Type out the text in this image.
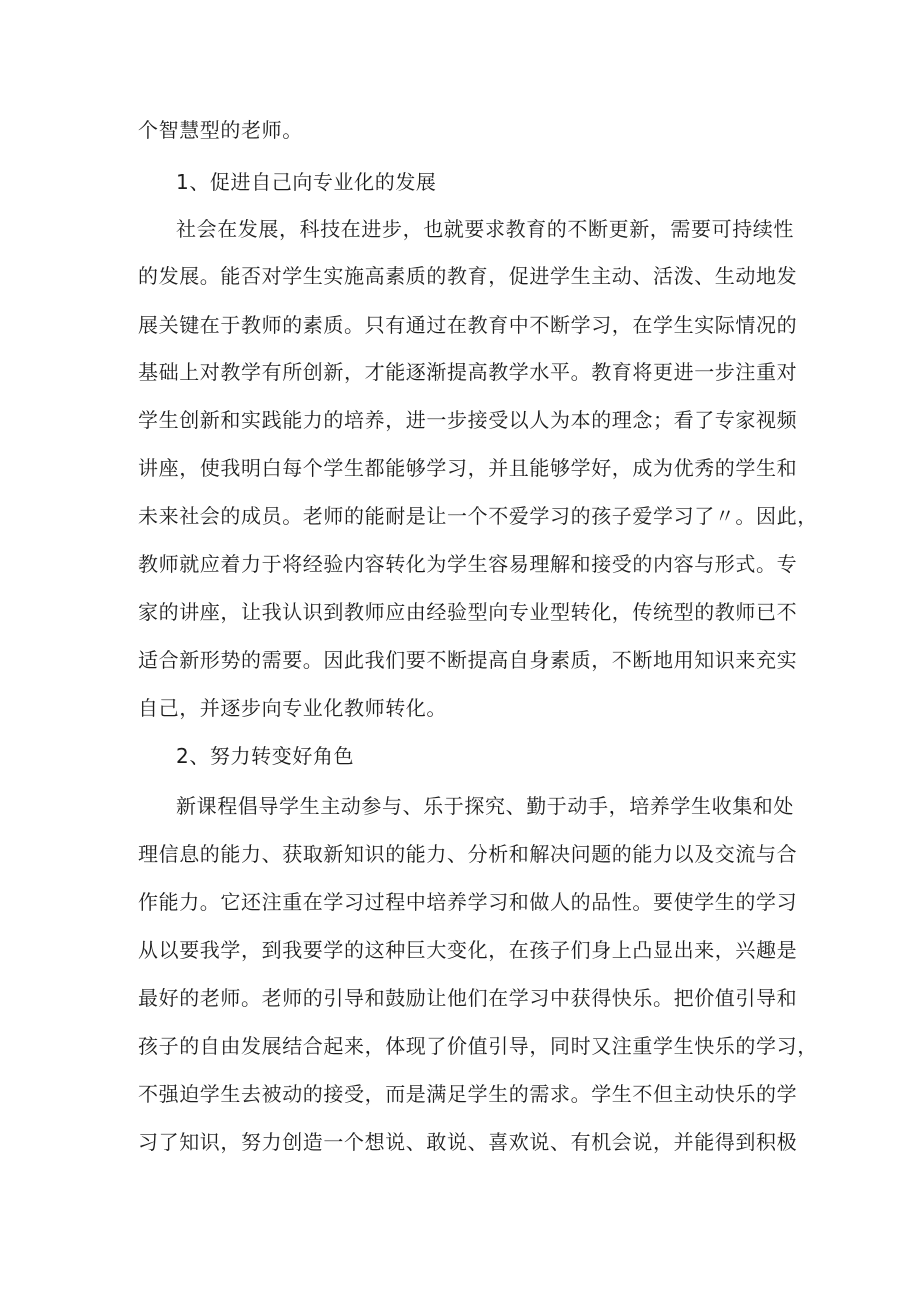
个智慧型的老师。
1、促进自己向专业化的发展
社会在发展，科技在进步，也就要求教育的不断更新，需要可持续性
的发展。能否对学生实施高素质的教育，促进学生主动、活泼、生动地发
展关键在于教师的素质。只有通过在教育中不断学习，在学生实际情况的
基础上对教学有所创新，才能逐渐提高教学水平。教育将更进一步注重对
学生创新和实践能力的培养，进一步接受以人为本的理念；看了专家视频
讲座，使我明白每个学生都能够学习，并且能够学好，成为优秀的学生和
未来社会的成员。老师的能耐是让一个不爱学习的孩子爱学习了〃。因此，
教师就应着力于将经验内容转化为学生容易理解和接受的内容与形式。专
家的讲座，让我认识到教师应由经验型向专业型转化，传统型的教师已不
适合新形势的需要。因此我们要不断提高自身素质，不断地用知识来充实
自己，并逐步向专业化教师转化。
2、努力转变好角色
新课程倡导学生主动参与、乐于探究、勤于动手，培养学生收集和处
理信息的能力、获取新知识的能力、分析和解决问题的能力以及交流与合
作能力。它还注重在学习过程中培养学习和做人的品性。要使学生的学习
从以要我学，到我要学的这种巨大变化，在孩子们身上凸显出来，兴趣是
最好的老师。老师的引导和鼓励让他们在学习中获得快乐。把价值引导和
孩子的自由发展结合起来，体现了价值引导，同时又注重学生快乐的学习，
不强迫学生去被动的接受，而是满足学生的需求。学生不但主动快乐的学
习了知识，努力创造一个想说、敢说、喜欢说、有机会说，并能得到积极
